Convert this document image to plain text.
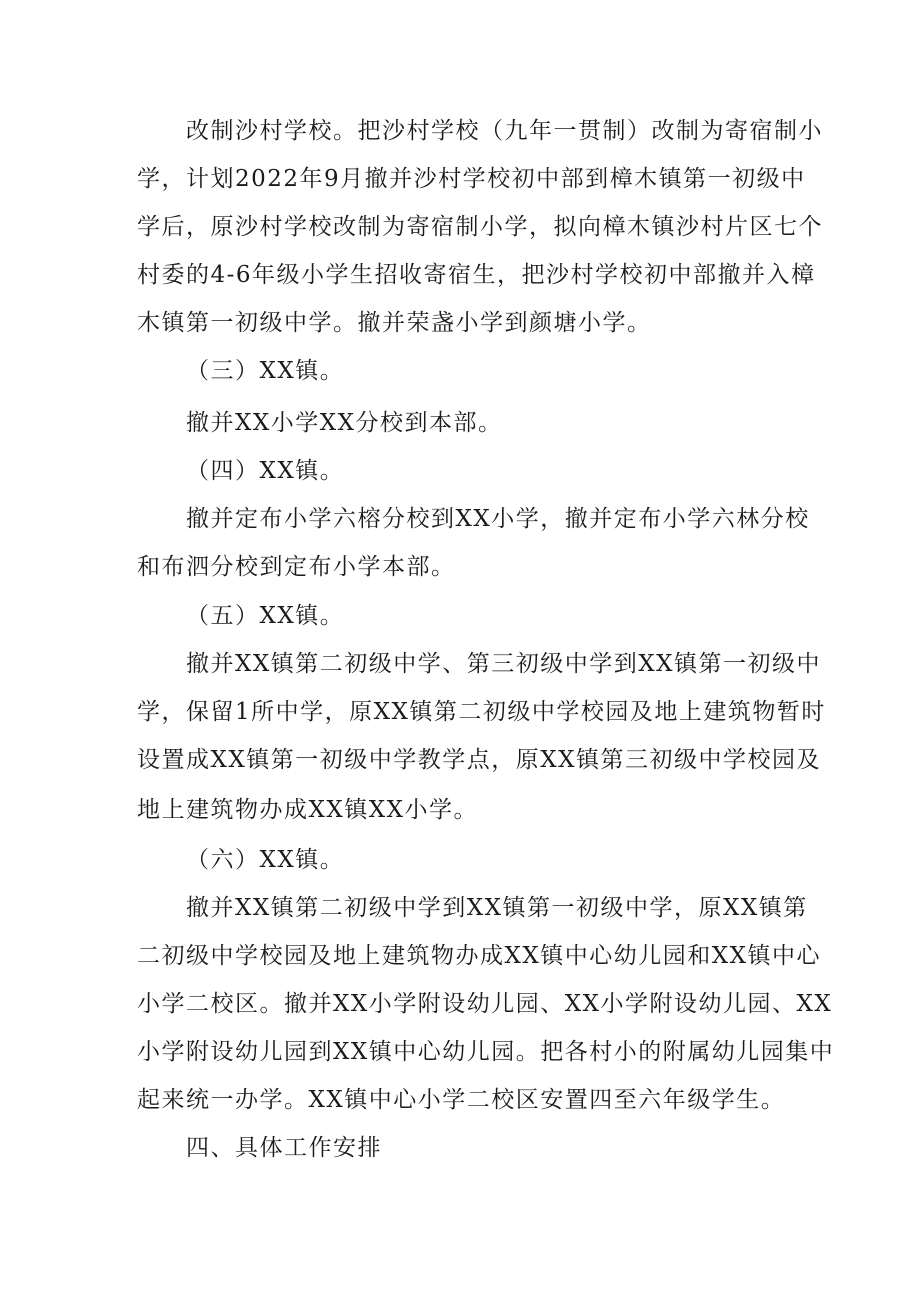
改制沙村学校。把沙村学校（九年一贯制）改制为寄宿制小
学，计划2022年9月撤并沙村学校初中部到樟木镇第一初级中
学后，原沙村学校改制为寄宿制小学，拟向樟木镇沙村片区七个
村委的4-6年级小学生招收寄宿生，把沙村学校初中部撤并入樟
木镇第一初级中学。撤并荣盏小学到颜塘小学。
（三）XX镇。
撤并XX小学XX分校到本部。
（四）XX镇。
撤并定布小学六榕分校到XX小学，撤并定布小学六林分校
和布泗分校到定布小学本部。
（五）XX镇。
撤并XX镇第二初级中学、第三初级中学到XX镇第一初级中
学，保留1所中学，原XX镇第二初级中学校园及地上建筑物暂时
设置成XX镇第一初级中学教学点，原XX镇第三初级中学校园及
地上建筑物办成XX镇XX小学。
（六）XX镇。
撤并XX镇第二初级中学到XX镇第一初级中学，原XX镇第
二初级中学校园及地上建筑物办成XX镇中心幼儿园和XX镇中心
小学二校区。撤并XX小学附设幼儿园、XX小学附设幼儿园、XX
小学附设幼儿园到XX镇中心幼儿园。把各村小的附属幼儿园集中
起来统一办学。XX镇中心小学二校区安置四至六年级学生。
四、具体工作安排
